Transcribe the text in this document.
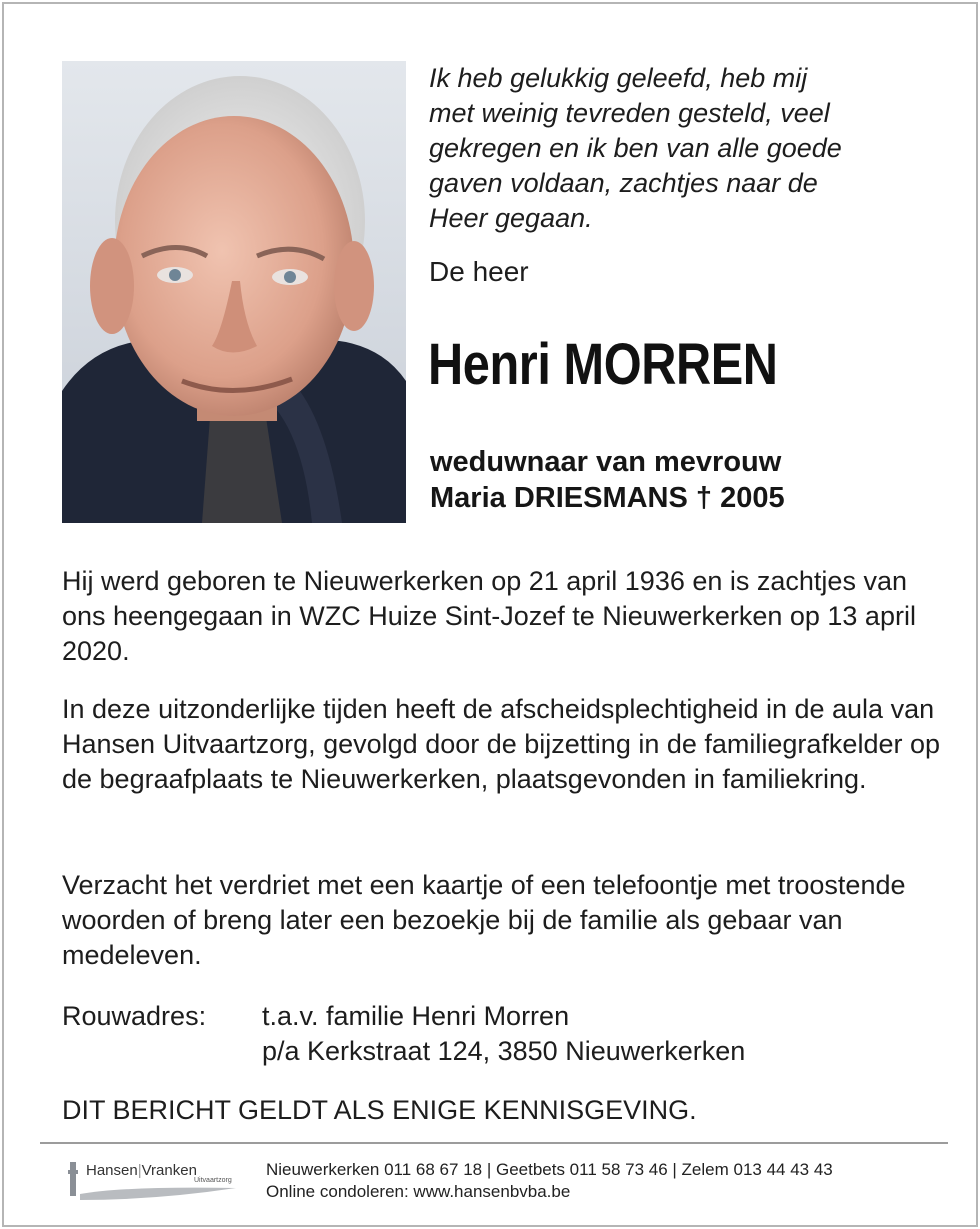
Ik heb gelukkig geleefd, heb mij
met weinig tevreden gesteld, veel
gekregen en ik ben van alle goede
gaven voldaan, zachtjes naar de
Heer gegaan.
De heer
Henri MORREN
weduwnaar van mevrouw
Maria DRIESMANS † 2005
Hij werd geboren te Nieuwerkerken op 21 april 1936 en is zachtjes van ons heengegaan in WZC Huize Sint-Jozef te Nieuwerkerken op 13 april 2020.
In deze uitzonderlijke tijden heeft de afscheidsplechtigheid in de aula van Hansen Uitvaartzorg, gevolgd door de bijzetting in de familiegrafkelder op de begraafplaats te Nieuwerkerken, plaatsgevonden in familiekring.
Verzacht het verdriet met een kaartje of een telefoontje met troostende woorden of breng later een bezoekje bij de familie als gebaar van medeleven.
Rouwadres: t.a.v. familie Henri Morren
p/a Kerkstraat 124, 3850 Nieuwerkerken
DIT BERICHT GELDT ALS ENIGE KENNISGEVING.
Hansen|Vranken
Uitvaartzorg
Nieuwerkerken 011 68 67 18 | Geetbets 011 58 73 46 | Zelem 013 44 43 43
Online condoleren: www.hansenbvba.be
